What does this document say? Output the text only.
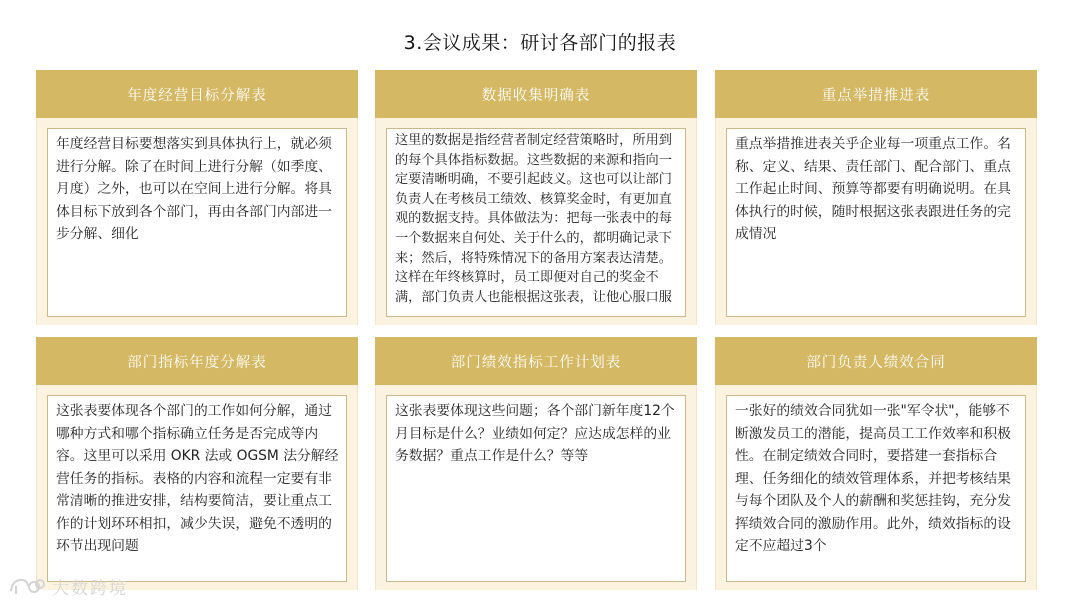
3.会议成果：研讨各部门的报表
年度经营目标分解表
年度经营目标要想落实到具体执行上，就必须进行分解。除了在时间上进行分解（如季度、月度）之外，也可以在空间上进行分解。将具体目标下放到各个部门，再由各部门内部进一步分解、细化
数据收集明确表
这里的数据是指经营者制定经营策略时，所用到的每个具体指标数据。这些数据的来源和指向一定要清晰明确，不要引起歧义。这也可以让部门负责人在考核员工绩效、核算奖金时，有更加直观的数据支持。具体做法为：把每一张表中的每一个数据来自何处、关于什么的，都明确记录下来；然后，将特殊情况下的备用方案表达清楚。这样在年终核算时，员工即便对自己的奖金不满，部门负责人也能根据这张表，让他心服口服
重点举措推进表
重点举措推进表关乎企业每一项重点工作。名称、定义、结果、责任部门、配合部门、重点工作起止时间、预算等都要有明确说明。在具体执行的时候，随时根据这张表跟进任务的完成情况
部门指标年度分解表
这张表要体现各个部门的工作如何分解，通过哪种方式和哪个指标确立任务是否完成等内容。这里可以采用 OKR 法或 OGSM 法分解经营任务的指标。表格的内容和流程一定要有非常清晰的推进安排，结构要简洁，要让重点工作的计划环环相扣，减少失误，避免不透明的环节出现问题
部门绩效指标工作计划表
这张表要体现这些问题；各个部门新年度12个月目标是什么？业绩如何定？应达成怎样的业务数据？重点工作是什么？等等
部门负责人绩效合同
一张好的绩效合同犹如一张"军令状"，能够不断激发员工的潜能，提高员工工作效率和积极性。在制定绩效合同时，要搭建一套指标合理、任务细化的绩效管理体系，并把考核结果与每个团队及个人的薪酬和奖惩挂钩，充分发挥绩效合同的激励作用。此外，绩效指标的设定不应超过3个
大数跨境
